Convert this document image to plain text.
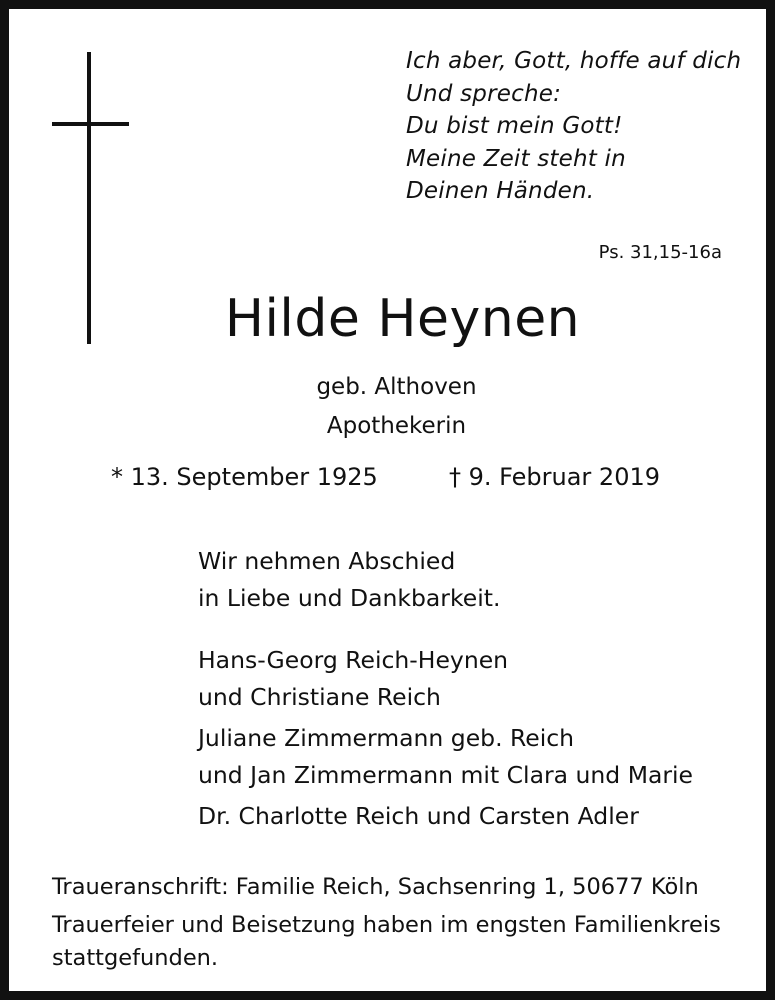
Ich aber, Gott, hoffe auf dich
Und spreche:
Du bist mein Gott!
Meine Zeit steht in
Deinen Händen.
Ps. 31,15-16a
Hilde Heynen
geb. Althoven
Apothekerin
* 13. September 1925	† 9. Februar 2019
Wir nehmen Abschied
in Liebe und Dankbarkeit.
Hans-Georg Reich-Heynen
und Christiane Reich
Juliane Zimmermann geb. Reich
und Jan Zimmermann mit Clara und Marie
Dr. Charlotte Reich und Carsten Adler
Traueranschrift: Familie Reich, Sachsenring 1, 50677 Köln
Trauerfeier und Beisetzung haben im engsten Familienkreis
stattgefunden.
